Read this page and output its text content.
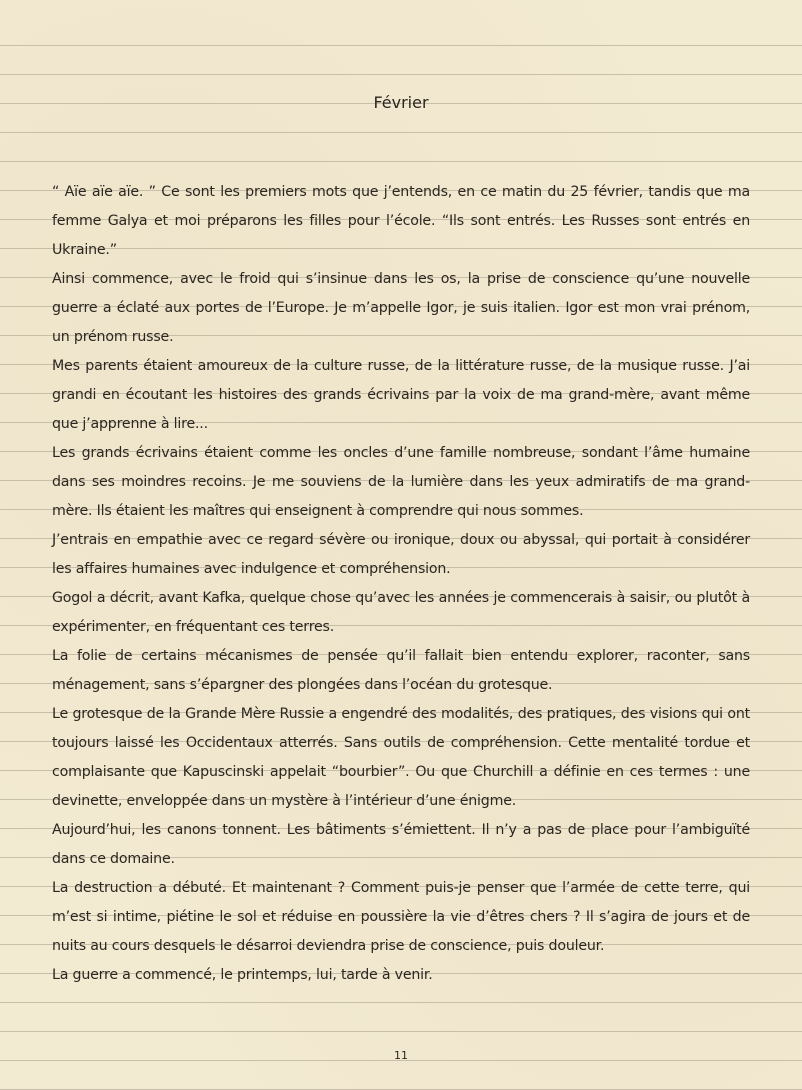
Février

“ Aïe aïe aïe. ” Ce sont les premiers mots que j’entends, en ce matin du 25 février, tandis que ma femme Galya et moi préparons les filles pour l’école. “Ils sont entrés. Les Russes sont entrés en Ukraine.”

Ainsi commence, avec le froid qui s’insinue dans les os, la prise de conscience qu’une nouvelle guerre a éclaté aux portes de l’Europe. Je m’appelle Igor, je suis italien. Igor est mon vrai prénom, un prénom russe.

Mes parents étaient amoureux de la culture russe, de la littérature russe, de la musique russe. J’ai grandi en écoutant les histoires des grands écrivains par la voix de ma grand-mère, avant même que j’apprenne à lire...

Les grands écrivains étaient comme les oncles d’une famille nombreuse, sondant l’âme humaine dans ses moindres recoins. Je me souviens de la lumière dans les yeux admiratifs de ma grand-mère. Ils étaient les maîtres qui enseignent à comprendre qui nous sommes.

J’entrais en empathie avec ce regard sévère ou ironique, doux ou abyssal, qui portait à considérer les affaires humaines avec indulgence et compréhension.

Gogol a décrit, avant Kafka, quelque chose qu’avec les années je commencerais à saisir, ou plutôt à expérimenter, en fréquentant ces terres.

La folie de certains mécanismes de pensée qu’il fallait bien entendu explorer, raconter, sans ménagement, sans s’épargner des plongées dans l’océan du grotesque.

Le grotesque de la Grande Mère Russie a engendré des modalités, des pratiques, des visions qui ont toujours laissé les Occidentaux atterrés. Sans outils de compréhension. Cette mentalité tordue et complaisante que Kapuscinski appelait “bourbier”. Ou que Churchill a définie en ces termes : une devinette, enveloppée dans un mystère à l’intérieur d’une énigme.

Aujourd’hui, les canons tonnent. Les bâtiments s’émiettent. Il n’y a pas de place pour l’ambiguïté dans ce domaine.

La destruction a débuté. Et maintenant ? Comment puis-je penser que l’armée de cette terre, qui m’est si intime, piétine le sol et réduise en poussière la vie d’êtres chers ? Il s’agira de jours et de nuits au cours desquels le désarroi deviendra prise de conscience, puis douleur.

La guerre a commencé, le printemps, lui, tarde à venir.

11
